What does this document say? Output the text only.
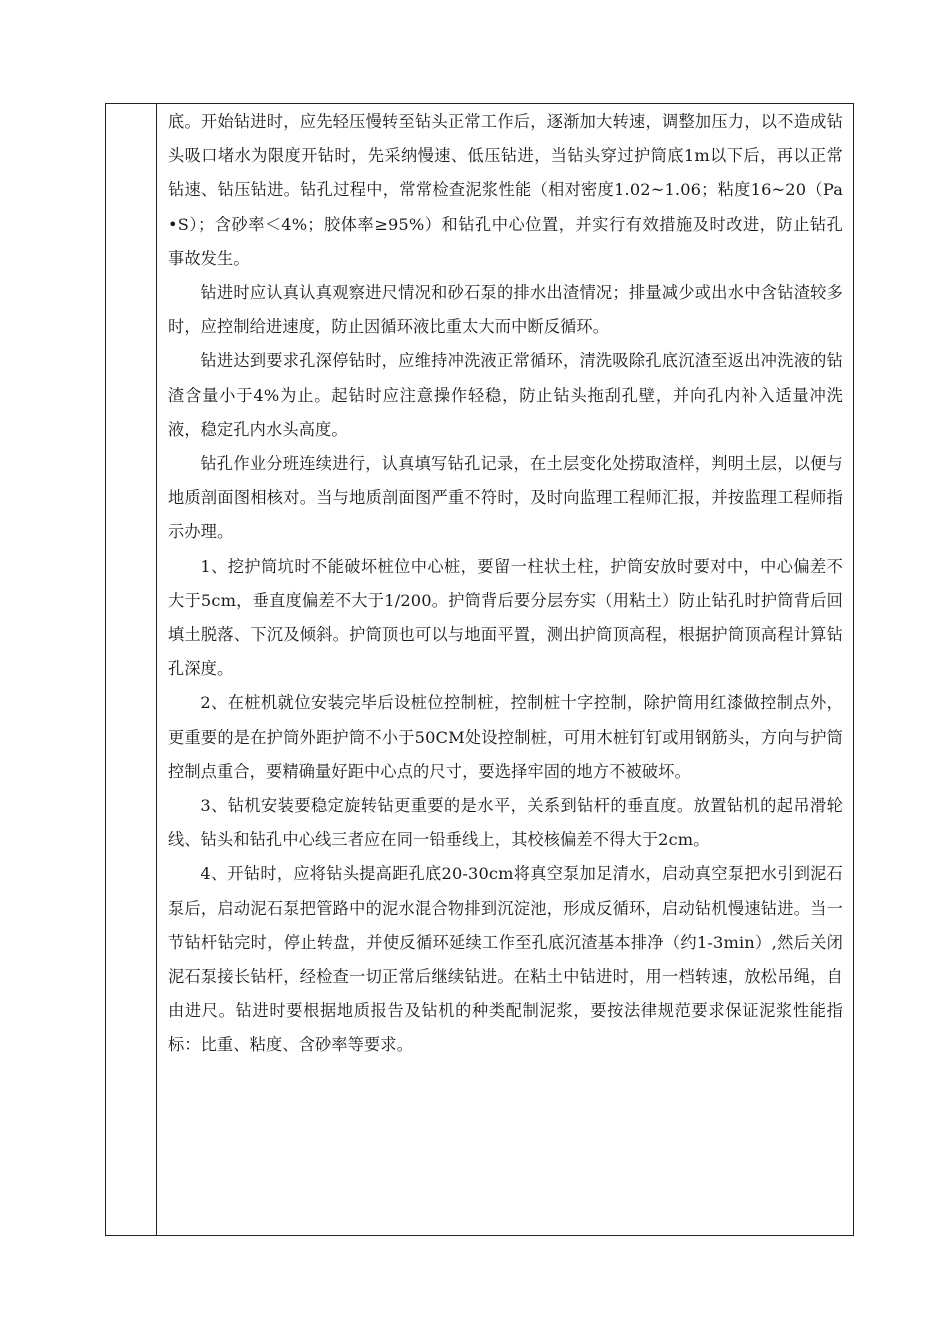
底。开始钻进时，应先轻压慢转至钻头正常工作后，逐渐加大转速，调整加压力，以不造成钻头吸口堵水为限度开钻时，先采纳慢速、低压钻进，当钻头穿过护筒底1m以下后，再以正常钻速、钻压钻进。钻孔过程中，常常检查泥浆性能（相对密度1.02~1.06；粘度16~20（Pa•S）；含砂率＜4%；胶体率≥95%）和钻孔中心位置，并实行有效措施及时改进，防止钻孔事故发生。

钻进时应认真认真观察进尺情况和砂石泵的排水出渣情况；排量减少或出水中含钻渣较多时，应控制给进速度，防止因循环液比重太大而中断反循环。

钻进达到要求孔深停钻时，应维持冲洗液正常循环，清洗吸除孔底沉渣至返出冲洗液的钻渣含量小于4%为止。起钻时应注意操作轻稳，防止钻头拖刮孔壁，并向孔内补入适量冲洗液，稳定孔内水头高度。

钻孔作业分班连续进行，认真填写钻孔记录，在土层变化处捞取渣样，判明土层，以便与地质剖面图相核对。当与地质剖面图严重不符时，及时向监理工程师汇报，并按监理工程师指示办理。

1、挖护筒坑时不能破坏桩位中心桩，要留一柱状土柱，护筒安放时要对中，中心偏差不大于5cm，垂直度偏差不大于1/200。护筒背后要分层夯实（用粘土）防止钻孔时护筒背后回填土脱落、下沉及倾斜。护筒顶也可以与地面平置，测出护筒顶高程，根据护筒顶高程计算钻孔深度。

2、在桩机就位安装完毕后设桩位控制桩，控制桩十字控制，除护筒用红漆做控制点外，更重要的是在护筒外距护筒不小于50CM处设控制桩，可用木桩钉钉或用钢筋头，方向与护筒控制点重合，要精确量好距中心点的尺寸，要选择牢固的地方不被破坏。

3、钻机安装要稳定旋转钻更重要的是水平，关系到钻杆的垂直度。放置钻机的起吊滑轮线、钻头和钻孔中心线三者应在同一铅垂线上，其校核偏差不得大于2cm。

4、开钻时，应将钻头提高距孔底20-30cm将真空泵加足清水，启动真空泵把水引到泥石泵后，启动泥石泵把管路中的泥水混合物排到沉淀池，形成反循环，启动钻机慢速钻进。当一节钻杆钻完时，停止转盘，并使反循环延续工作至孔底沉渣基本排净（约1-3min）,然后关闭泥石泵接长钻杆，经检查一切正常后继续钻进。在粘土中钻进时，用一档转速，放松吊绳，自由进尺。钻进时要根据地质报告及钻机的种类配制泥浆，要按法律规范要求保证泥浆性能指标：比重、粘度、含砂率等要求。
